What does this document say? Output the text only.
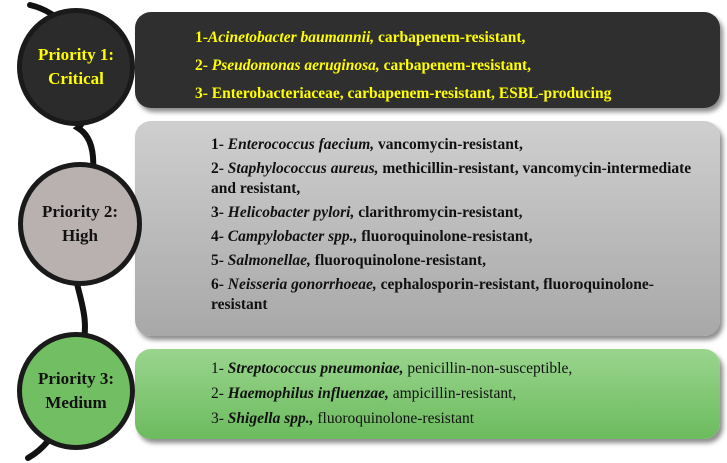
1-Acinetobacter baumannii, carbapenem-resistant,
2- Pseudomonas aeruginosa, carbapenem-resistant,
3- Enterobacteriaceae, carbapenem-resistant, ESBL-producing
1- Enterococcus faecium, vancomycin-resistant,
2- Staphylococcus aureus, methicillin-resistant, vancomycin-intermediate and resistant,
3- Helicobacter pylori, clarithromycin-resistant,
4- Campylobacter spp., fluoroquinolone-resistant,
5- Salmonellae, fluoroquinolone-resistant,
6- Neisseria gonorrhoeae, cephalosporin-resistant, fluoroquinolone-resistant
1- Streptococcus pneumoniae, penicillin-non-susceptible,
2- Haemophilus influenzae, ampicillin-resistant,
3- Shigella spp., fluoroquinolone-resistant
Priority 1:
Critical
Priority 2:
High
Priority 3:
Medium
